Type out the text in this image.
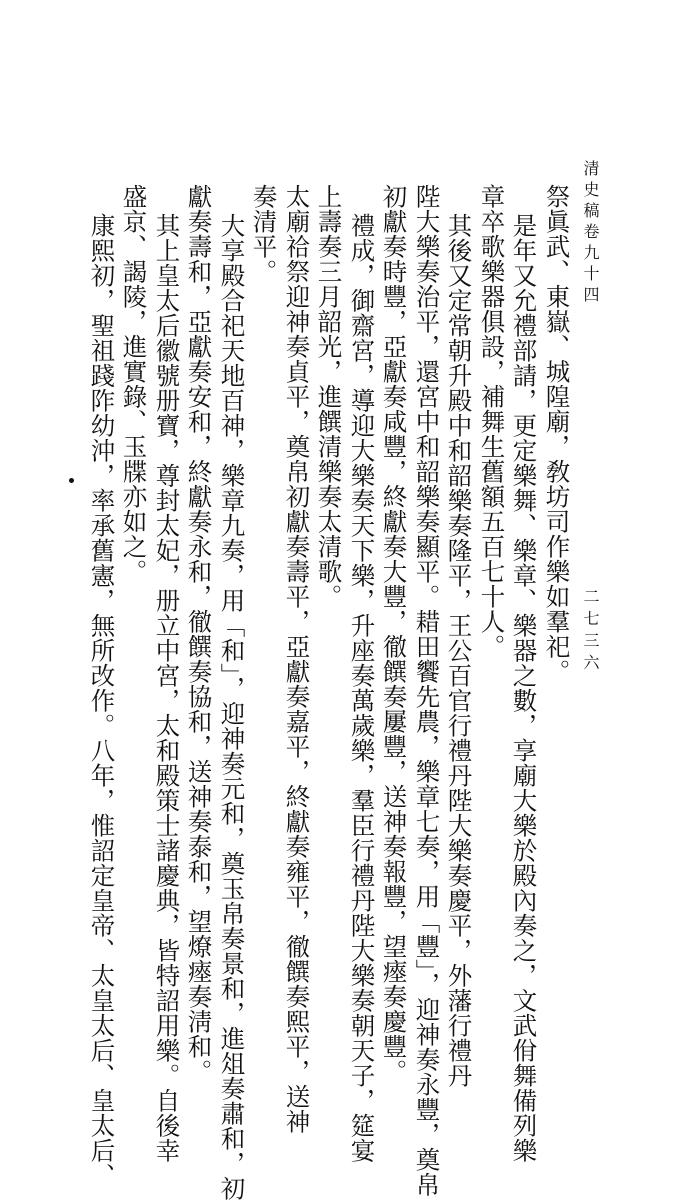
清史稿卷九十四
二七三六
祭眞武、東嶽、城隍廟，敎坊司作樂如羣祀。
是年又允禮部請，更定樂舞、樂章、樂器之數，享廟大樂於殿內奏之，文武佾舞備列樂
章卒歌樂器俱設，補舞生舊額五百七十人。
其後又定常朝升殿中和韶樂奏隆平，王公百官行禮丹陛大樂奏慶平，外藩行禮丹
陛大樂奏治平，還宮中和韶樂奏顯平。耤田饗先農，樂章七奏，用「豐」，迎神奏永豐，奠帛
初獻奏時豐，亞獻奏咸豐，終獻奏大豐，徹饌奏屢豐，送神奏報豐，望瘞奏慶豐。
禮成，御齋宮，導迎大樂奏天下樂，升座奏萬歲樂，羣臣行禮丹陛大樂奏朝天子，筵宴
上壽奏三月韶光，進饌清樂奏太清歌。
太廟祫祭迎神奏貞平，奠帛初獻奏壽平，亞獻奏嘉平，終獻奏雍平，徹饌奏熙平，送神
奏清平。
大享殿合祀天地百神，樂章九奏，用「和」，迎神奏元和，奠玉帛奏景和，進俎奏肅和，初
獻奏壽和，亞獻奏安和，終獻奏永和，徹饌奏協和，送神奏泰和，望燎瘞奏淸和。
其上皇太后徽號册寶，尊封太妃，册立中宮，太和殿策士諸慶典，皆特詔用樂。自後幸
盛京、謁陵，進實錄、玉牒亦如之。
康熙初，聖祖踐阼幼沖，率承舊憲，無所改作。八年，惟詔定皇帝、太皇太后、皇太后、
